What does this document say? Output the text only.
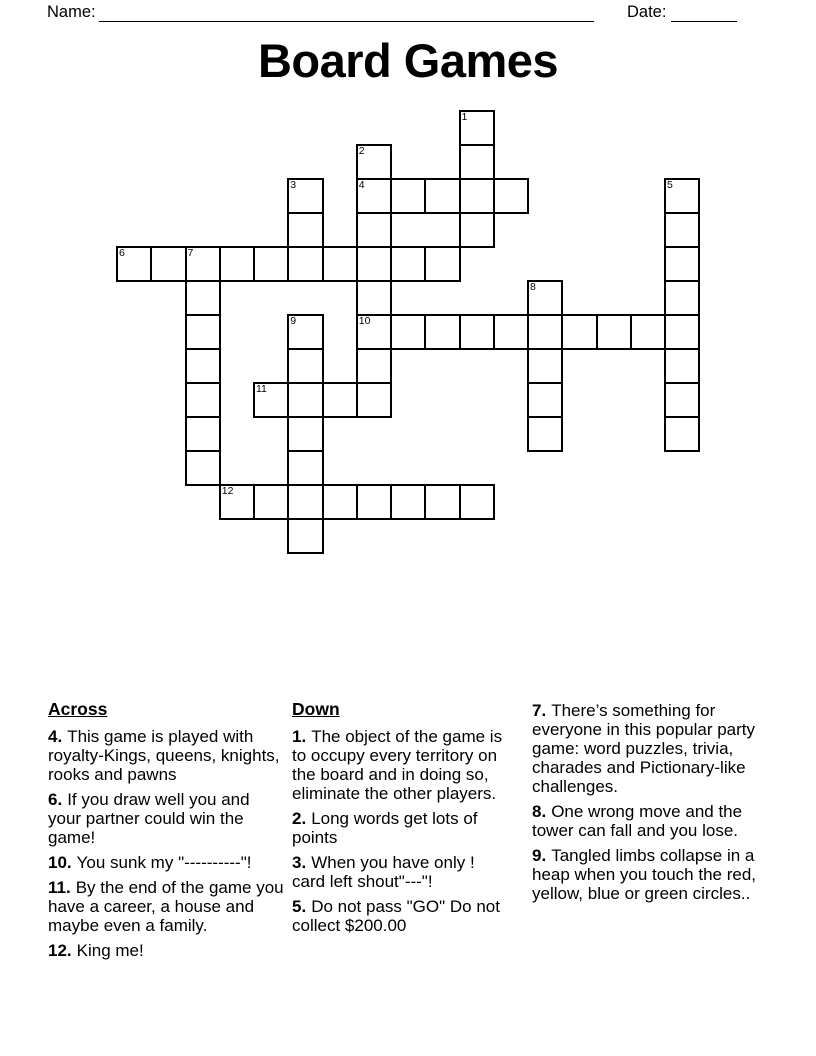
Name:	Date:
Board Games
1
2
3	4	5
6	7
8
9	10
11
12
Across
4. This game is played with royalty-Kings, queens, knights, rooks and pawns
6. If you draw well you and your partner could win the game!
10. You sunk my "----------"!
11. By the end of the game you have a career, a house and maybe even a family.
12. King me!
Down
1. The object of the game is to occupy every territory on the board and in doing so, eliminate the other players.
2. Long words get lots of points
3. When you have only ! card left shout"---"!
5. Do not pass "GO" Do not collect $200.00
7. There’s something for everyone in this popular party game: word puzzles, trivia, charades and Pictionary-like challenges.
8. One wrong move and the tower can fall and you lose.
9. Tangled limbs collapse in a heap when you touch the red, yellow, blue or green circles..
